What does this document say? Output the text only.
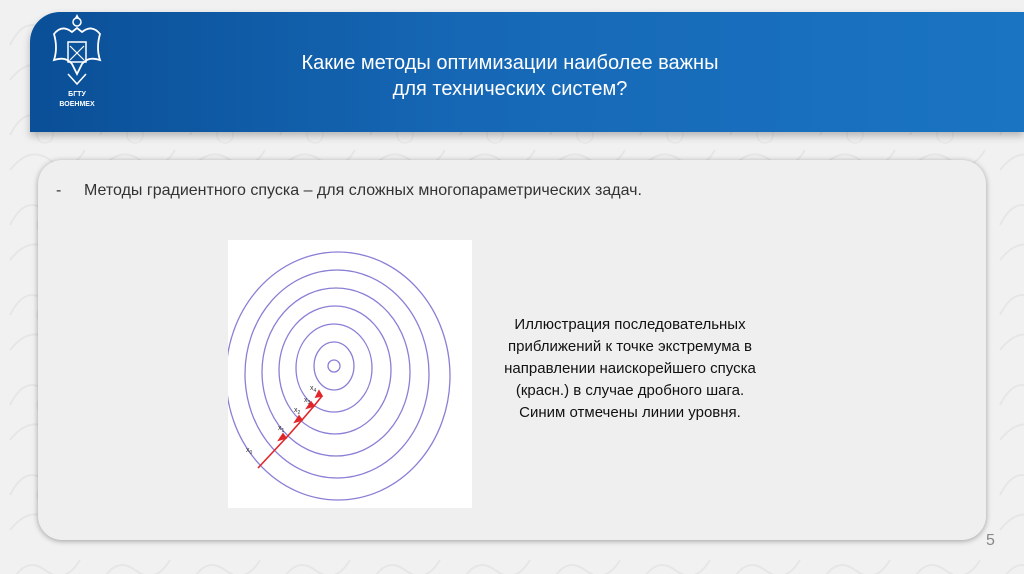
БГТУ
ВОЕНМЕХ
Какие методы оптимизации наиболее важны
для технических систем?
- Методы градиентного спуска – для сложных многопараметрических задач.
$x_0$
$x_1$
$x_2$
$x_3$
$x_4$
Иллюстрация последовательных приближений к точке экстремума в направлении наискорейшего спуска (красн.) в случае дробного шага. Синим отмечены линии уровня.
5
